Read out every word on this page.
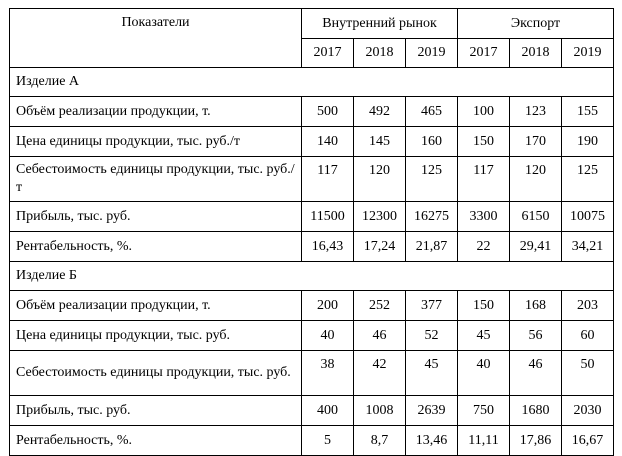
Показатели	Внутренний рынок			Экспорт		
	2017	2018	2019	2017	2018	2019
Изделие А						
Объём реализации продукции, т.	500	492	465	100	123	155
Цена единицы продукции, тыс. руб./т	140	145	160	150	170	190
Себестоимость единицы продукции, тыс. руб./т	117	120	125	117	120	125
Прибыль, тыс. руб.	11500	12300	16275	3300	6150	10075
Рентабельность, %.	16,43	17,24	21,87	22	29,41	34,21
Изделие Б						
Объём реализации продукции, т.	200	252	377	150	168	203
Цена единицы продукции, тыс. руб.	40	46	52	45	56	60
Себестоимость единицы продукции, тыс. руб.	38	42	45	40	46	50
Прибыль, тыс. руб.	400	1008	2639	750	1680	2030
Рентабельность, %.	5	8,7	13,46	11,11	17,86	16,67
